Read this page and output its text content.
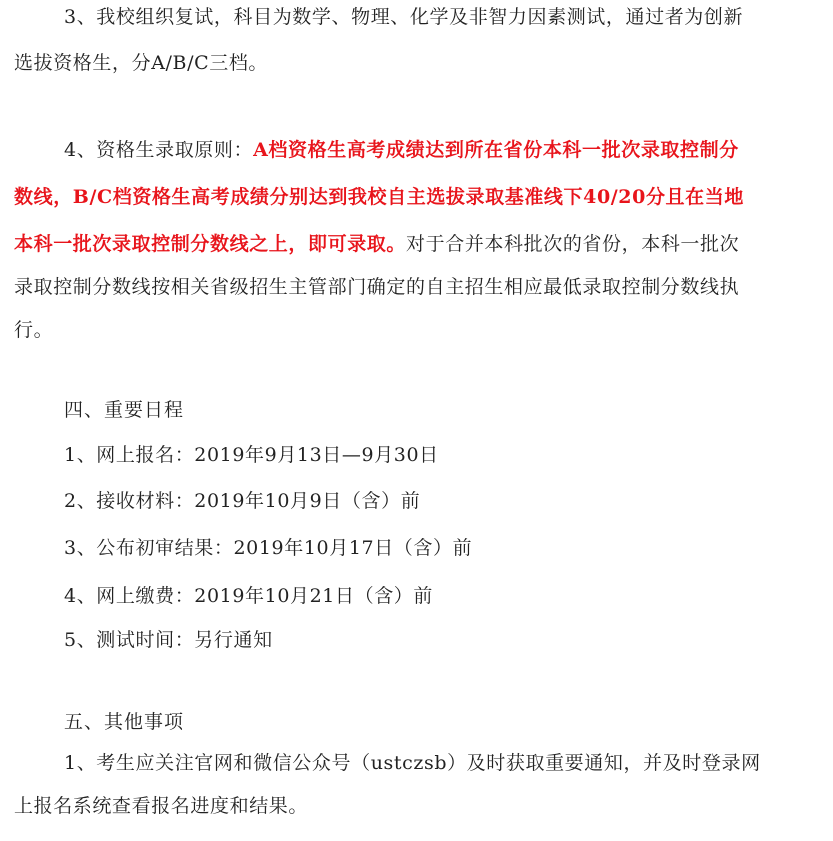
3、我校组织复试，科目为数学、物理、化学及非智力因素测试，通过者为创新
选拔资格生，分A/B/C三档。
4、资格生录取原则：A档资格生高考成绩达到所在省份本科一批次录取控制分
数线，B/C档资格生高考成绩分别达到我校自主选拔录取基准线下40/20分且在当地
本科一批次录取控制分数线之上，即可录取。对于合并本科批次的省份，本科一批次
录取控制分数线按相关省级招生主管部门确定的自主招生相应最低录取控制分数线执
行。
四、重要日程
1、网上报名：2019年9月13日—9月30日
2、接收材料：2019年10月9日（含）前
3、公布初审结果：2019年10月17日（含）前
4、网上缴费：2019年10月21日（含）前
5、测试时间：另行通知
五、其他事项
1、考生应关注官网和微信公众号（ustczsb）及时获取重要通知，并及时登录网
上报名系统查看报名进度和结果。
